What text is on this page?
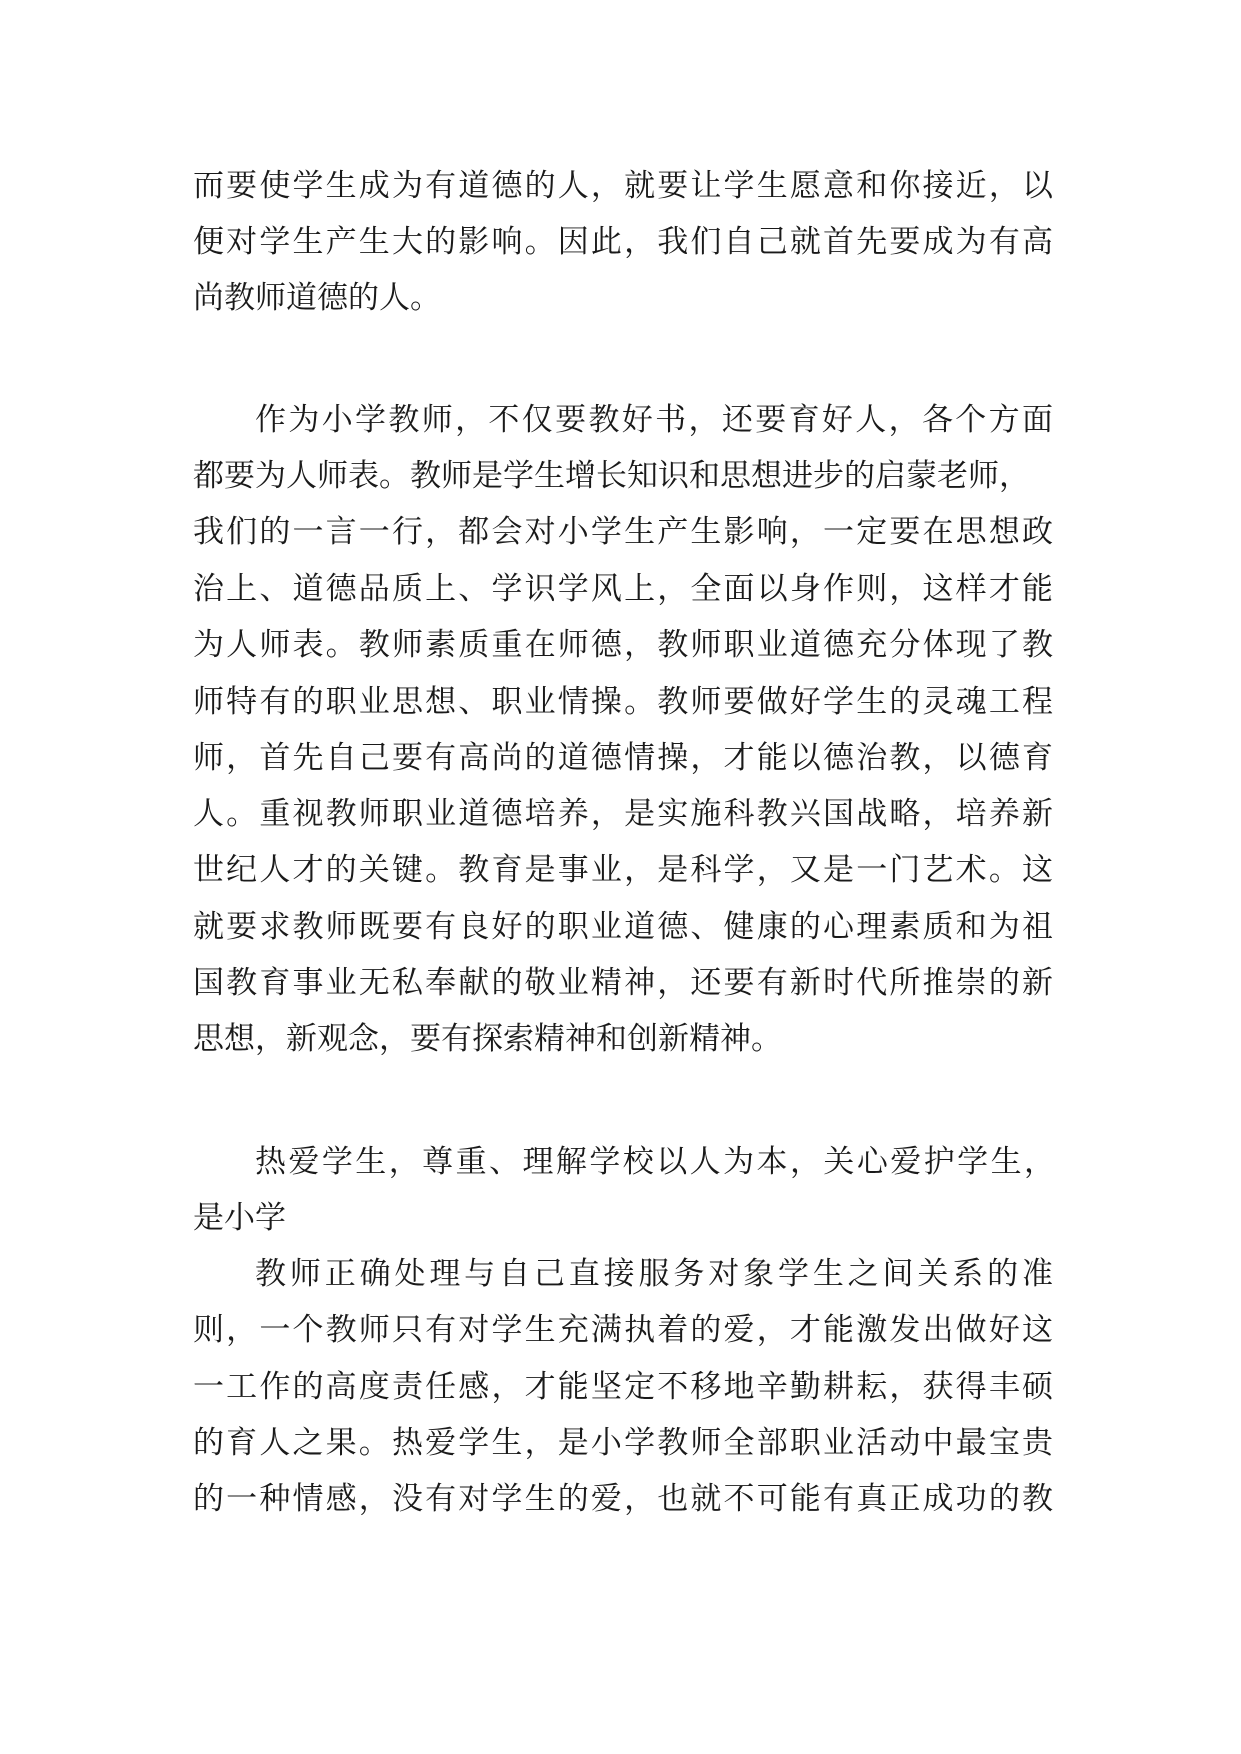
而要使学生成为有道德的人，就要让学生愿意和你接近，以
便对学生产生大的影响。因此，我们自己就首先要成为有高
尚教师道德的人。
作为小学教师，不仅要教好书，还要育好人，各个方面
都要为人师表。教师是学生增长知识和思想进步的启蒙老师，
我们的一言一行，都会对小学生产生影响，一定要在思想政
治上、道德品质上、学识学风上，全面以身作则，这样才能
为人师表。教师素质重在师德，教师职业道德充分体现了教
师特有的职业思想、职业情操。教师要做好学生的灵魂工程
师，首先自己要有高尚的道德情操，才能以德治教，以德育
人。重视教师职业道德培养，是实施科教兴国战略，培养新
世纪人才的关键。教育是事业，是科学，又是一门艺术。这
就要求教师既要有良好的职业道德、健康的心理素质和为祖
国教育事业无私奉献的敬业精神，还要有新时代所推崇的新
思想，新观念，要有探索精神和创新精神。
热爱学生，尊重、理解学校以人为本，关心爱护学生，
是小学
教师正确处理与自己直接服务对象学生之间关系的准
则，一个教师只有对学生充满执着的爱，才能激发出做好这
一工作的高度责任感，才能坚定不移地辛勤耕耘，获得丰硕
的育人之果。热爱学生，是小学教师全部职业活动中最宝贵
的一种情感，没有对学生的爱，也就不可能有真正成功的教
